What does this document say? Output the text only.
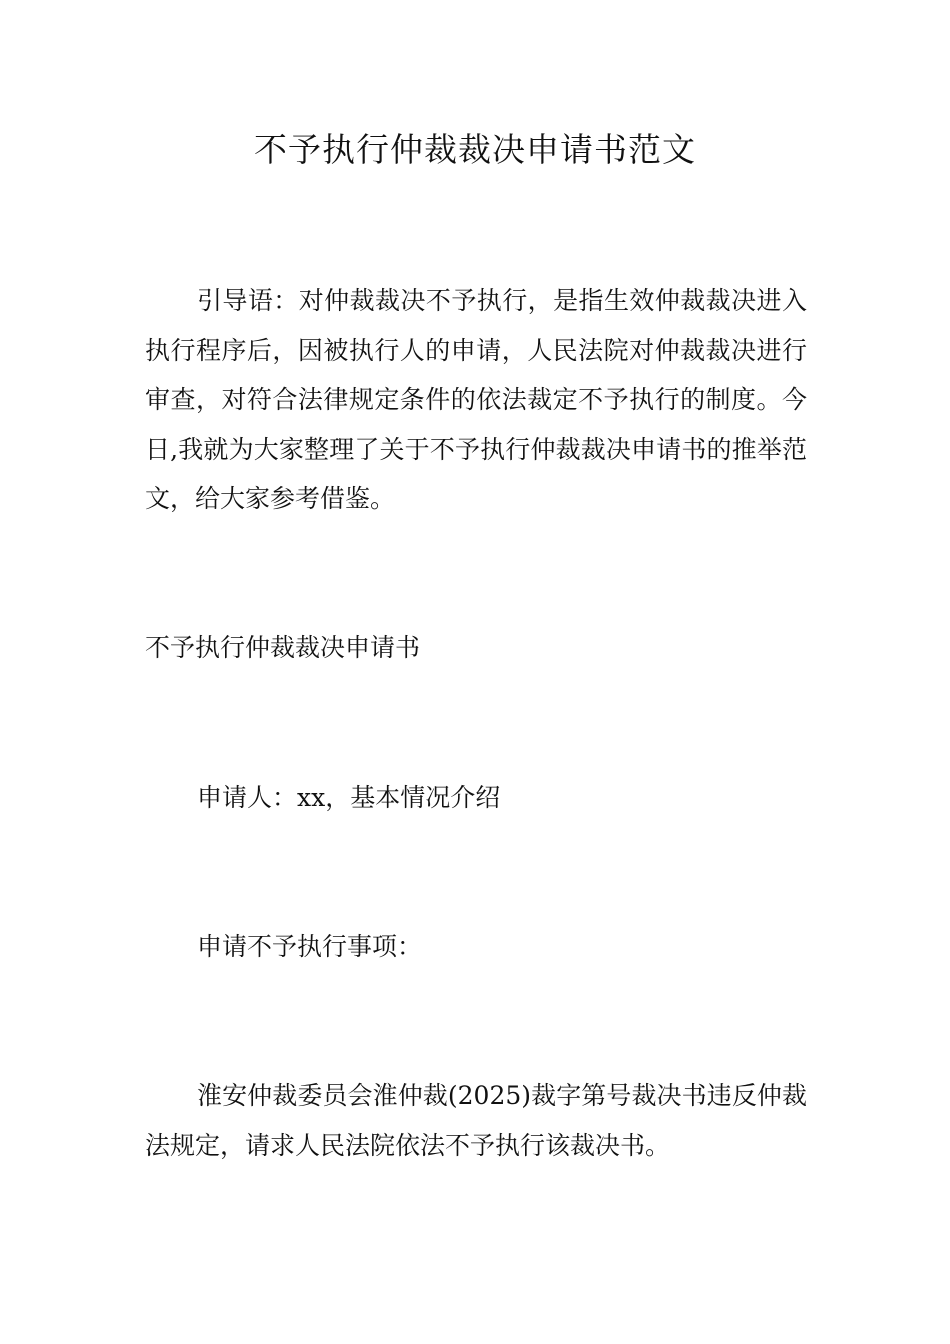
不予执行仲裁裁决申请书范文

引导语：对仲裁裁决不予执行，是指生效仲裁裁决进入执行程序后，因被执行人的申请，人民法院对仲裁裁决进行审查，对符合法律规定条件的依法裁定不予执行的制度。今日,我就为大家整理了关于不予执行仲裁裁决申请书的推举范文，给大家参考借鉴。

不予执行仲裁裁决申请书

申请人：xx，基本情况介绍

申请不予执行事项：

淮安仲裁委员会淮仲裁(2025)裁字第号裁决书违反仲裁法规定，请求人民法院依法不予执行该裁决书。
